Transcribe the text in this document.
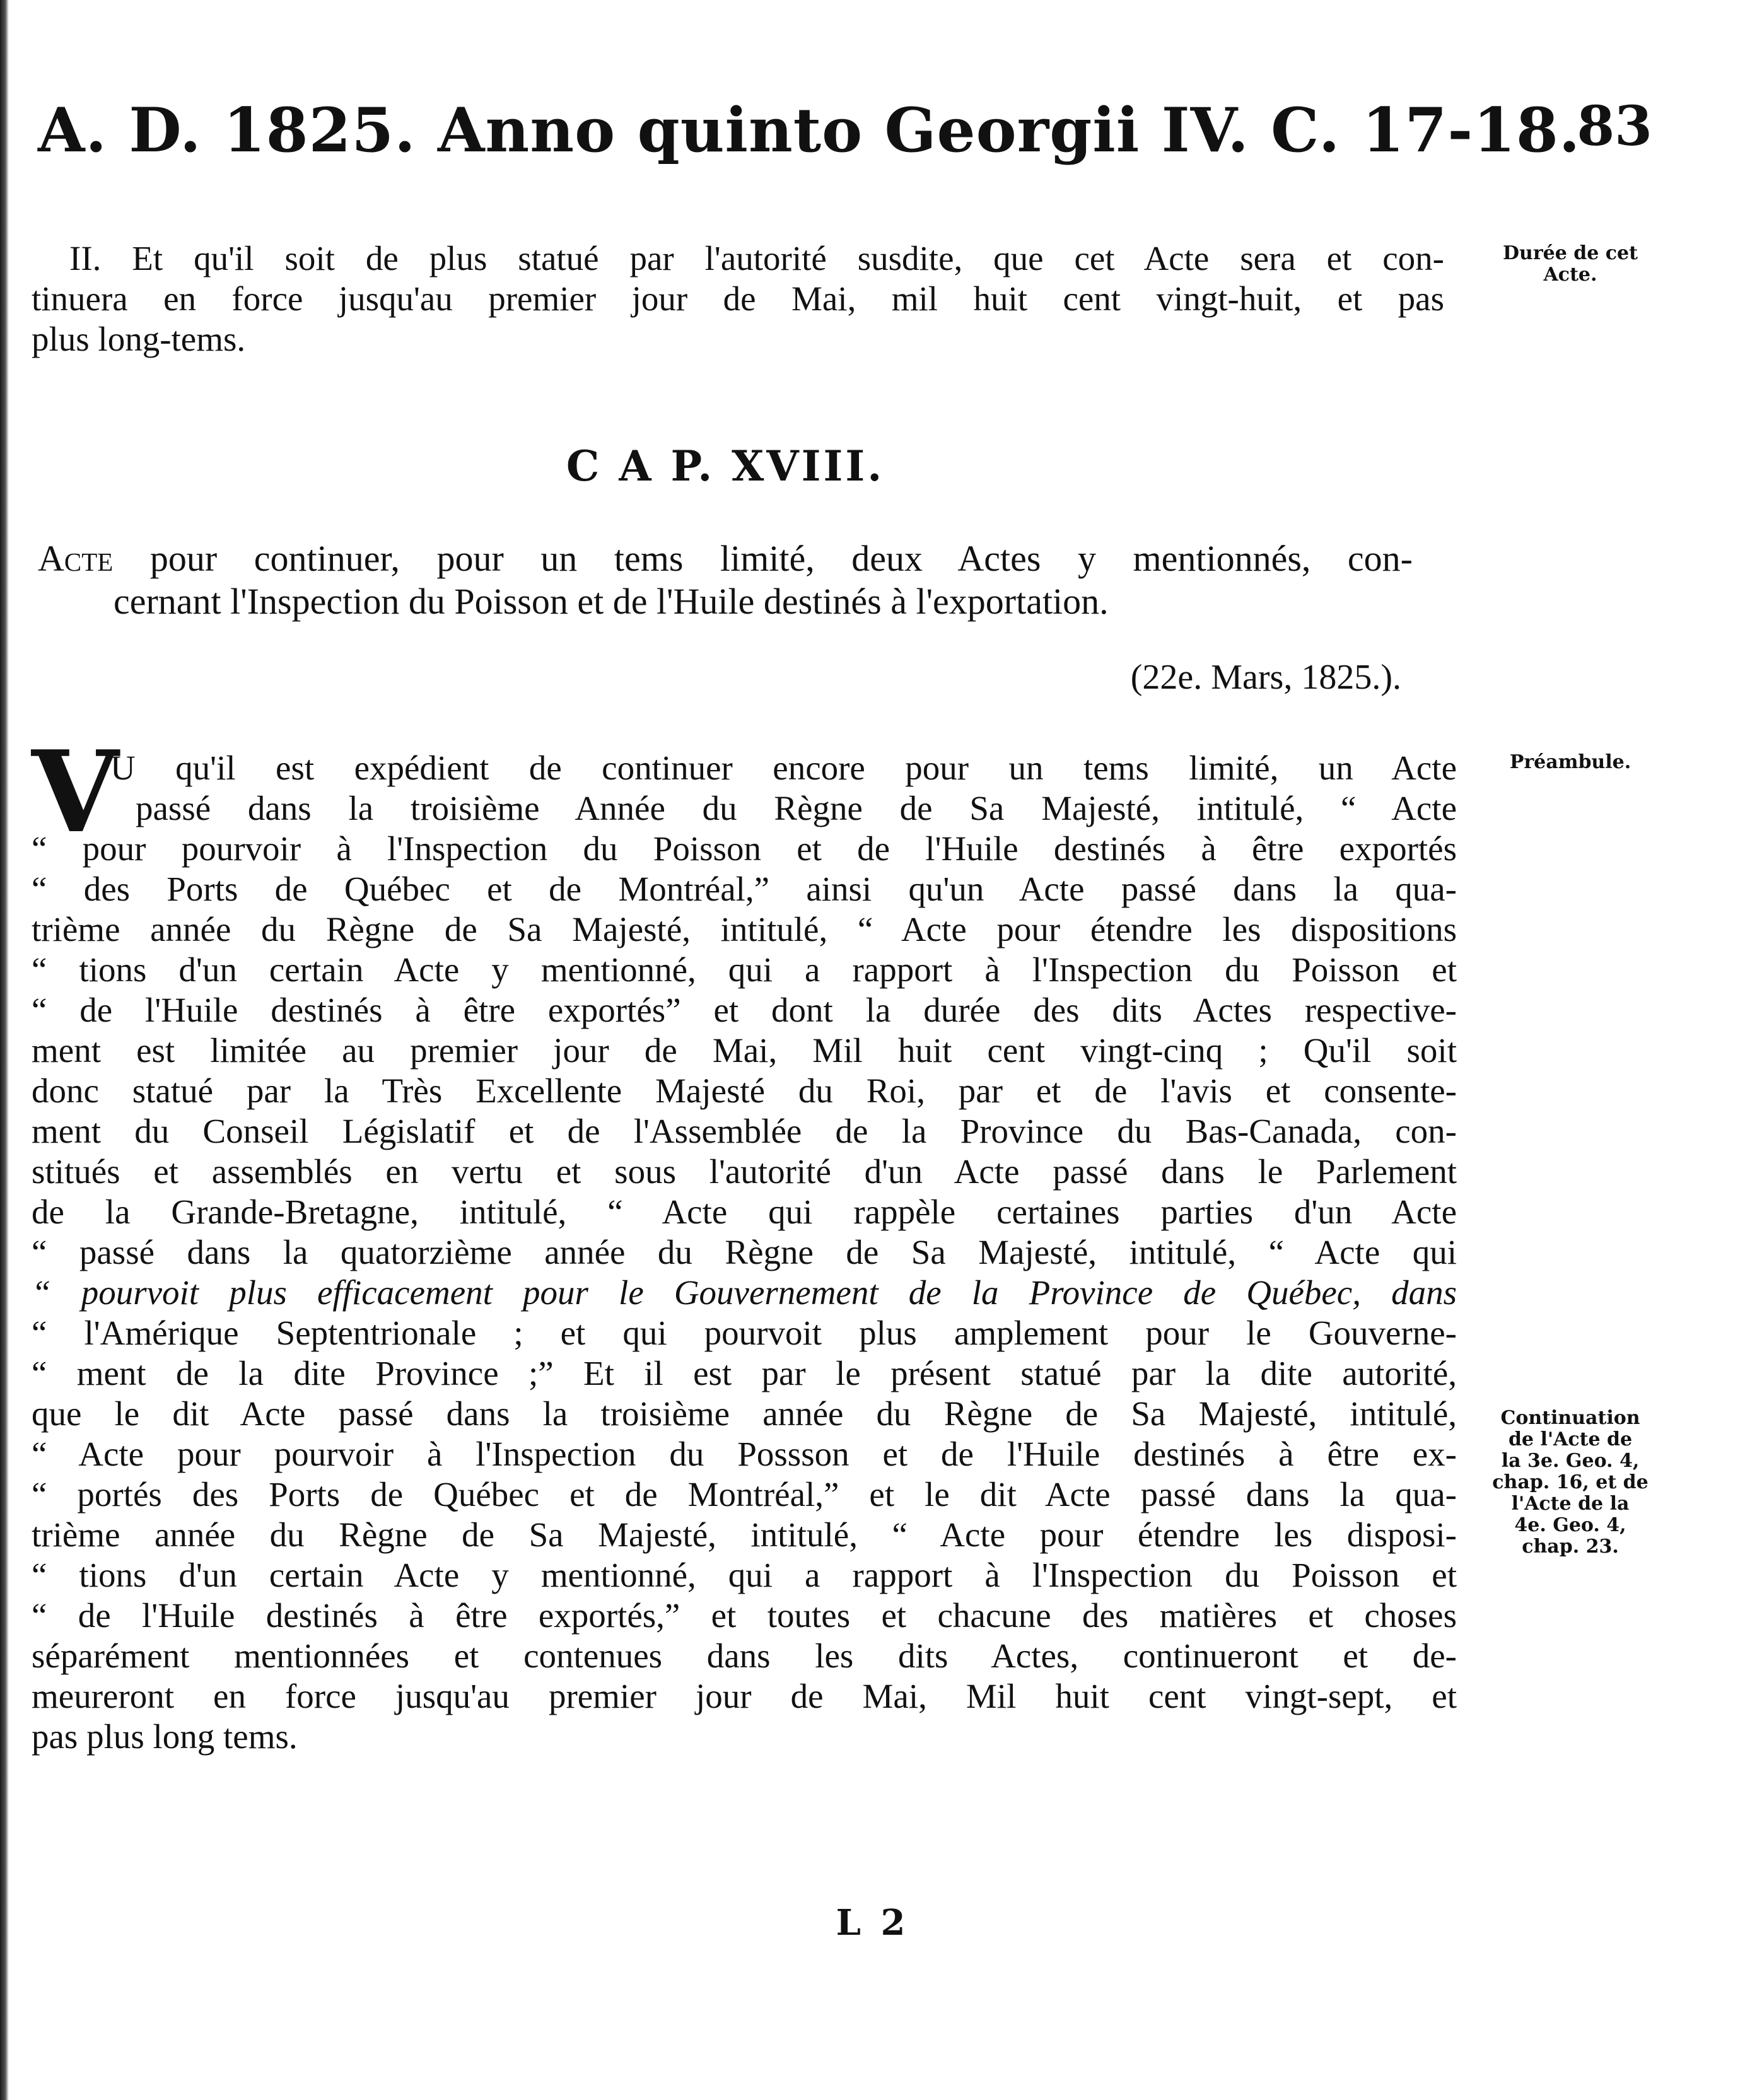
A. D. 1825. Anno quinto Georgii IV. C. 17-18.
83
II. Et qu'il soit de plus statué par l'autorité susdite, que cet Acte sera et con-
tinuera en force jusqu'au premier jour de Mai, mil huit cent vingt-huit, et pas
plus long-tems.
Durée de cet Acte.
C A P. XVIII.
Acte pour continuer, pour un tems limité, deux Actes y mentionnés, con-
cernant l'Inspection du Poisson et de l'Huile destinés à l'exportation.
(22e. Mars, 1825.).
V	Préambule.
U qu'il est expédient de continuer encore pour un tems limité, un Acte
passé dans la troisième Année du Règne de Sa Majesté, intitulé, “ Acte
“ pour pourvoir à l'Inspection du Poisson et de l'Huile destinés à être exportés
“ des Ports de Québec et de Montréal,” ainsi qu'un Acte passé dans la qua-
trième année du Règne de Sa Majesté, intitulé, “ Acte pour étendre les dispositions
“ tions d'un certain Acte y mentionné, qui a rapport à l'Inspection du Poisson et
“ de l'Huile destinés à être exportés” et dont la durée des dits Actes respective-
ment est limitée au premier jour de Mai, Mil huit cent vingt-cinq ; Qu'il soit
donc statué par la Très Excellente Majesté du Roi, par et de l'avis et consente-
ment du Conseil Législatif et de l'Assemblée de la Province du Bas-Canada, con-
stitués et assemblés en vertu et sous l'autorité d'un Acte passé dans le Parlement
de la Grande-Bretagne, intitulé, “ Acte qui rappèle certaines parties d'un Acte
“ passé dans la quatorzième année du Règne de Sa Majesté, intitulé, “ Acte qui
“ pourvoit plus efficacement pour le Gouvernement de la Province de Québec, dans
“ l'Amérique Septentrionale ; et qui pourvoit plus amplement pour le Gouverne-
“ ment de la dite Province ;” Et il est par le présent statué par la dite autorité,
que le dit Acte passé dans la troisième année du Règne de Sa Majesté, intitulé,
“ Acte pour pourvoir à l'Inspection du Possson et de l'Huile destinés à être ex-
“ portés des Ports de Québec et de Montréal,” et le dit Acte passé dans la qua-
trième année du Règne de Sa Majesté, intitulé, “ Acte pour étendre les disposi-
“ tions d'un certain Acte y mentionné, qui a rapport à l'Inspection du Poisson et
“ de l'Huile destinés à être exportés,” et toutes et chacune des matières et choses
séparément mentionnées et contenues dans les dits Actes, continueront et de-
meureront en force jusqu'au premier jour de Mai, Mil huit cent vingt-sept, et
pas plus long tems.
Continuation
de l'Acte de
la 3e. Geo. 4,
chap. 16, et de
l'Acte de la
4e. Geo. 4,
chap. 23.
L 2
